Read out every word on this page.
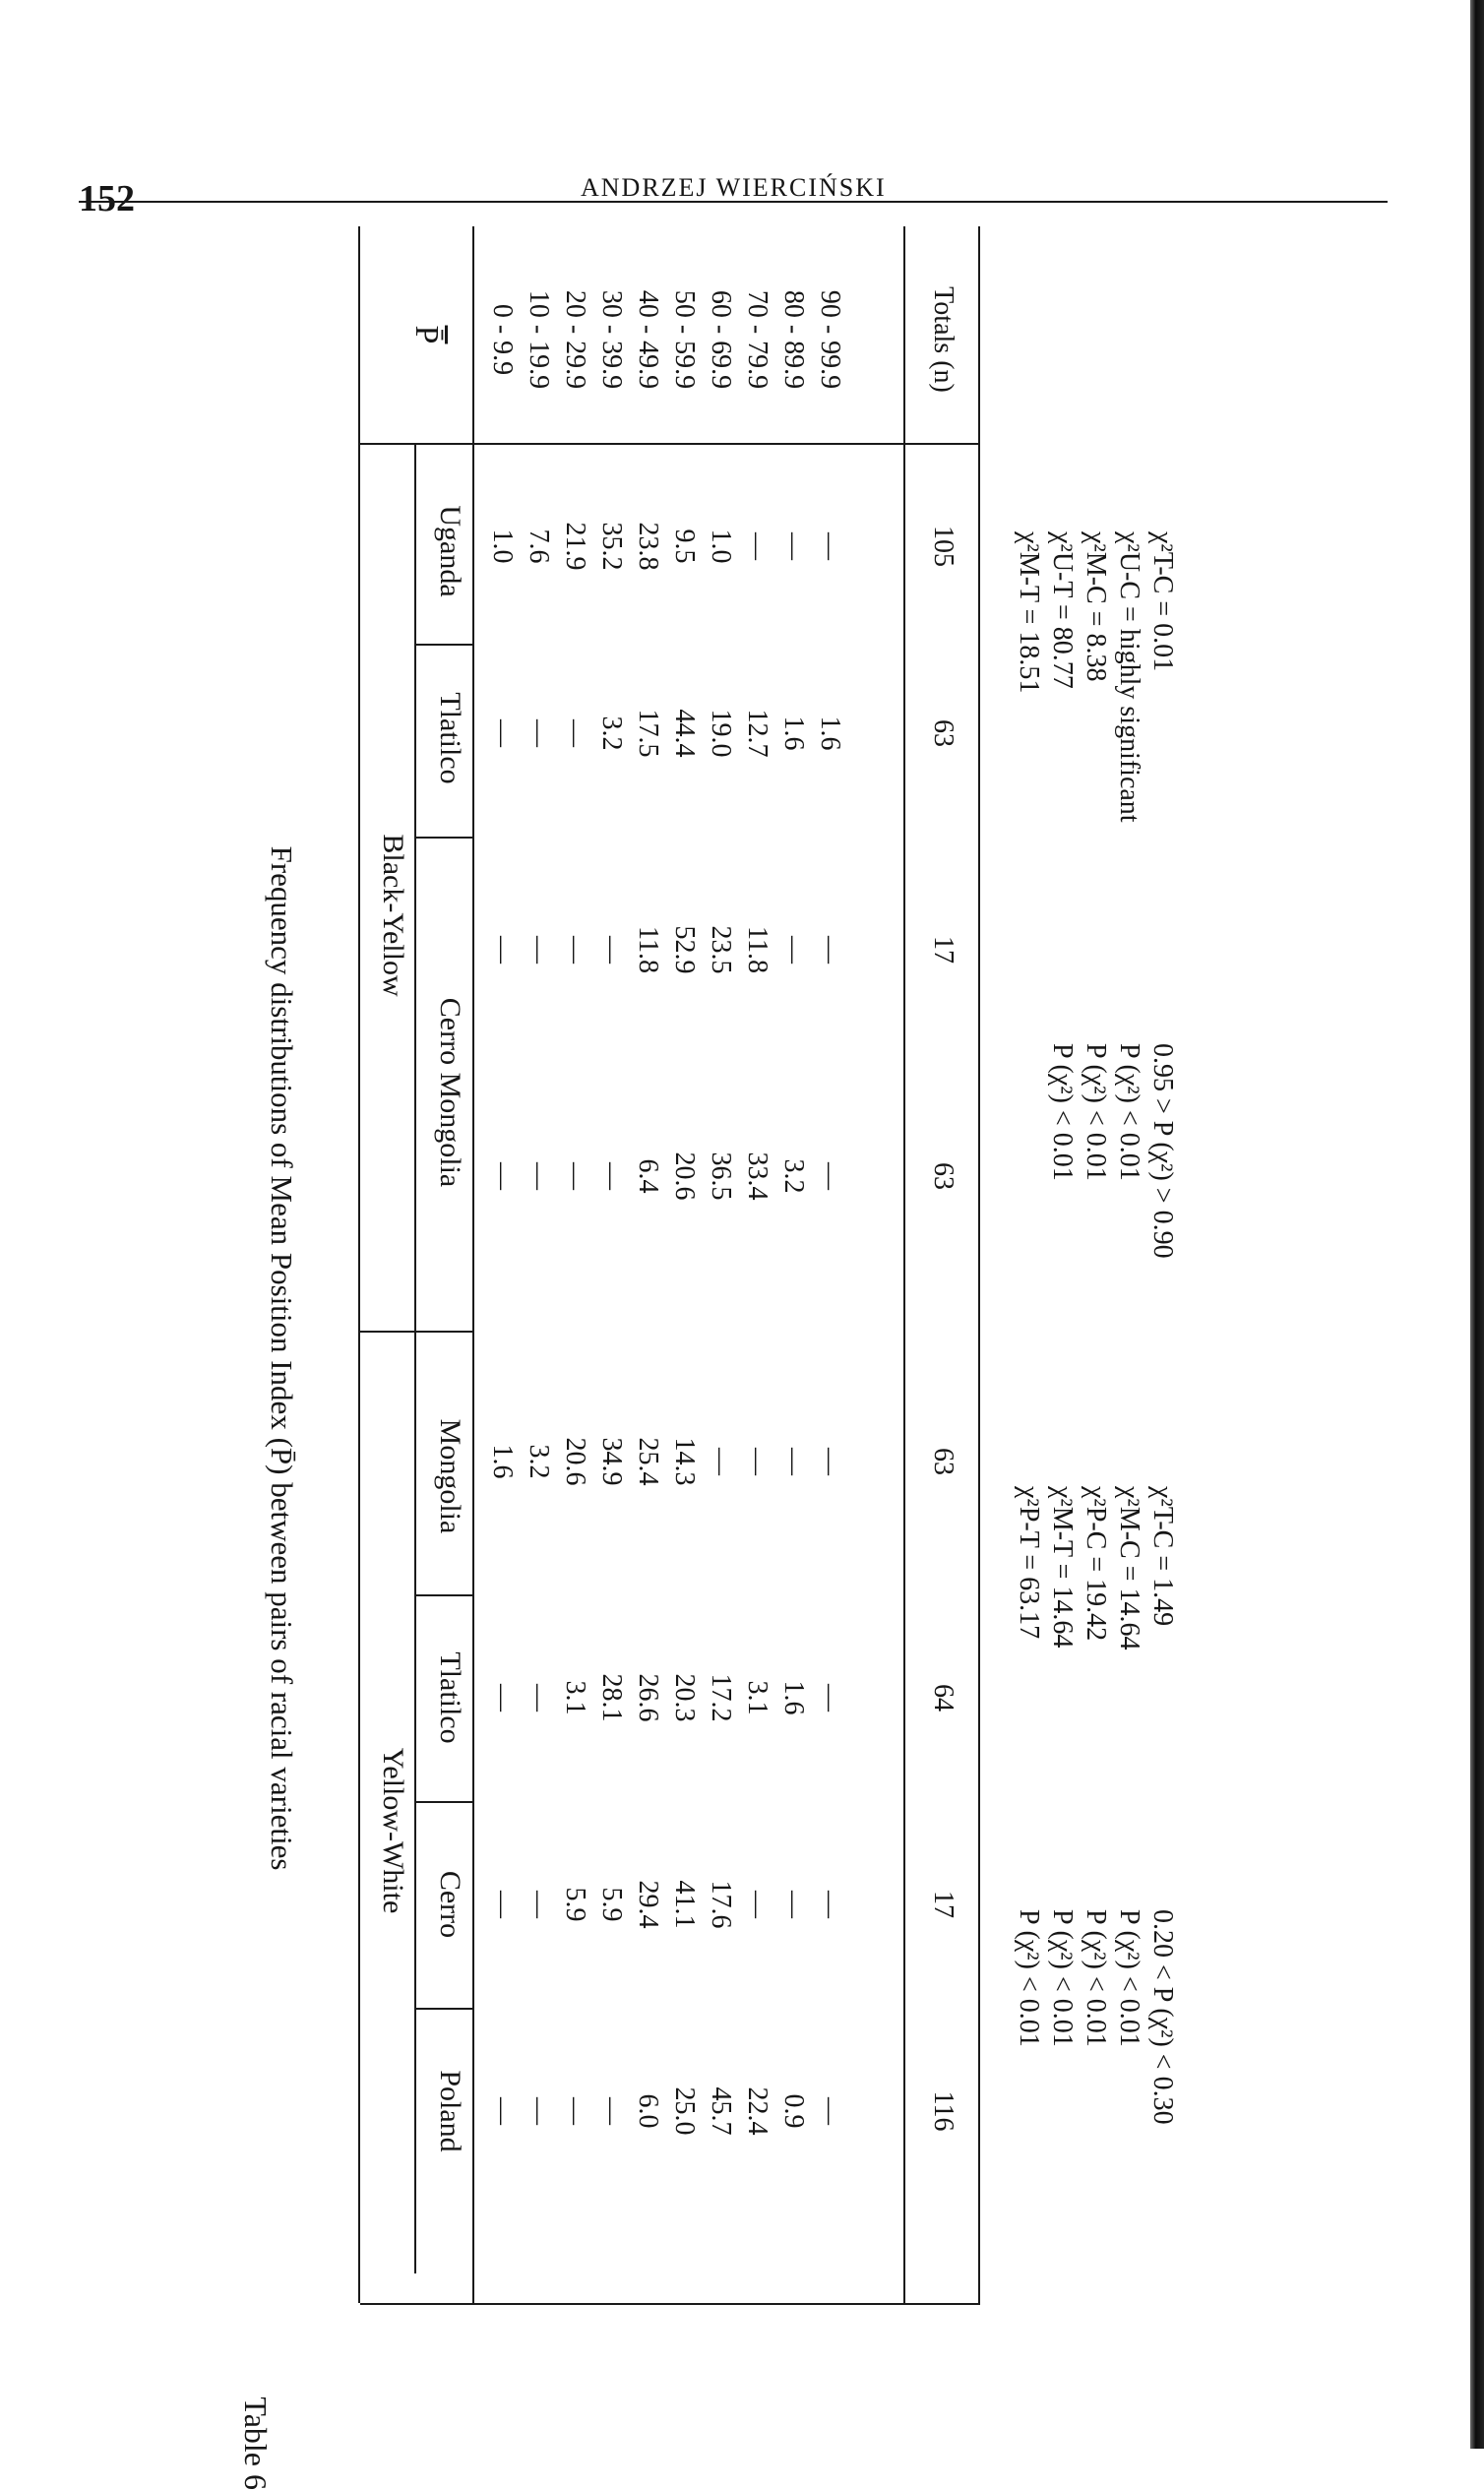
152	ANDRZEJ WIERCIŃSKI
Frequency distributions of Mean Position Index (P̄) between pairs of racial varieties
Table 6
P̄
Black-Yellow
Yellow-White
Uganda
Tlatilco
Cerro Mongolia
Mongolia
Tlatilco
Cerro
Poland
0 - 9.9 10 - 19.9 20 - 29.9 30 - 39.9 40 - 49.9 50 - 59.9 60 - 69.9 70 - 79.9 80 - 89.9 90 - 99.9
1.0
—
—
—
1.6
—
—
—
7.6
—
—
—
3.2
—
—
—
21.9
—
—
—
20.6
3.1
5.9
—
35.2
3.2
—
—
34.9
28.1
5.9
—
23.8
17.5
11.8
6.4
25.4
26.6
29.4
6.0
9.5
44.4
52.9
20.6
14.3
20.3
41.1
25.0
1.0
19.0
23.5
36.5
—
17.2
17.6
45.7
—
12.7
11.8
33.4
—
3.1
—
22.4
—
1.6
—
3.2
—
1.6
—
0.9
—
1.6
—
—
—
—
—
—
Totals (n)
105
63
17
63
63
64
17
116
χ²T-C = 0.01
χ²U-C = highly significant
χ²M-C = 8.38
χ²U-T = 80.77
χ²M-T = 18.51
0.95 > P (χ²) > 0.90
P (χ²) < 0.01
P (χ²) < 0.01
P (χ²) < 0.01
χ²T-C = 1.49
χ²M-C = 14.64
χ²P-C = 19.42
χ²M-T = 14.64
χ²P-T = 63.17
0.20 < P (χ²) < 0.30
P (χ²) < 0.01
P (χ²) < 0.01
P (χ²) < 0.01
P (χ²) < 0.01
